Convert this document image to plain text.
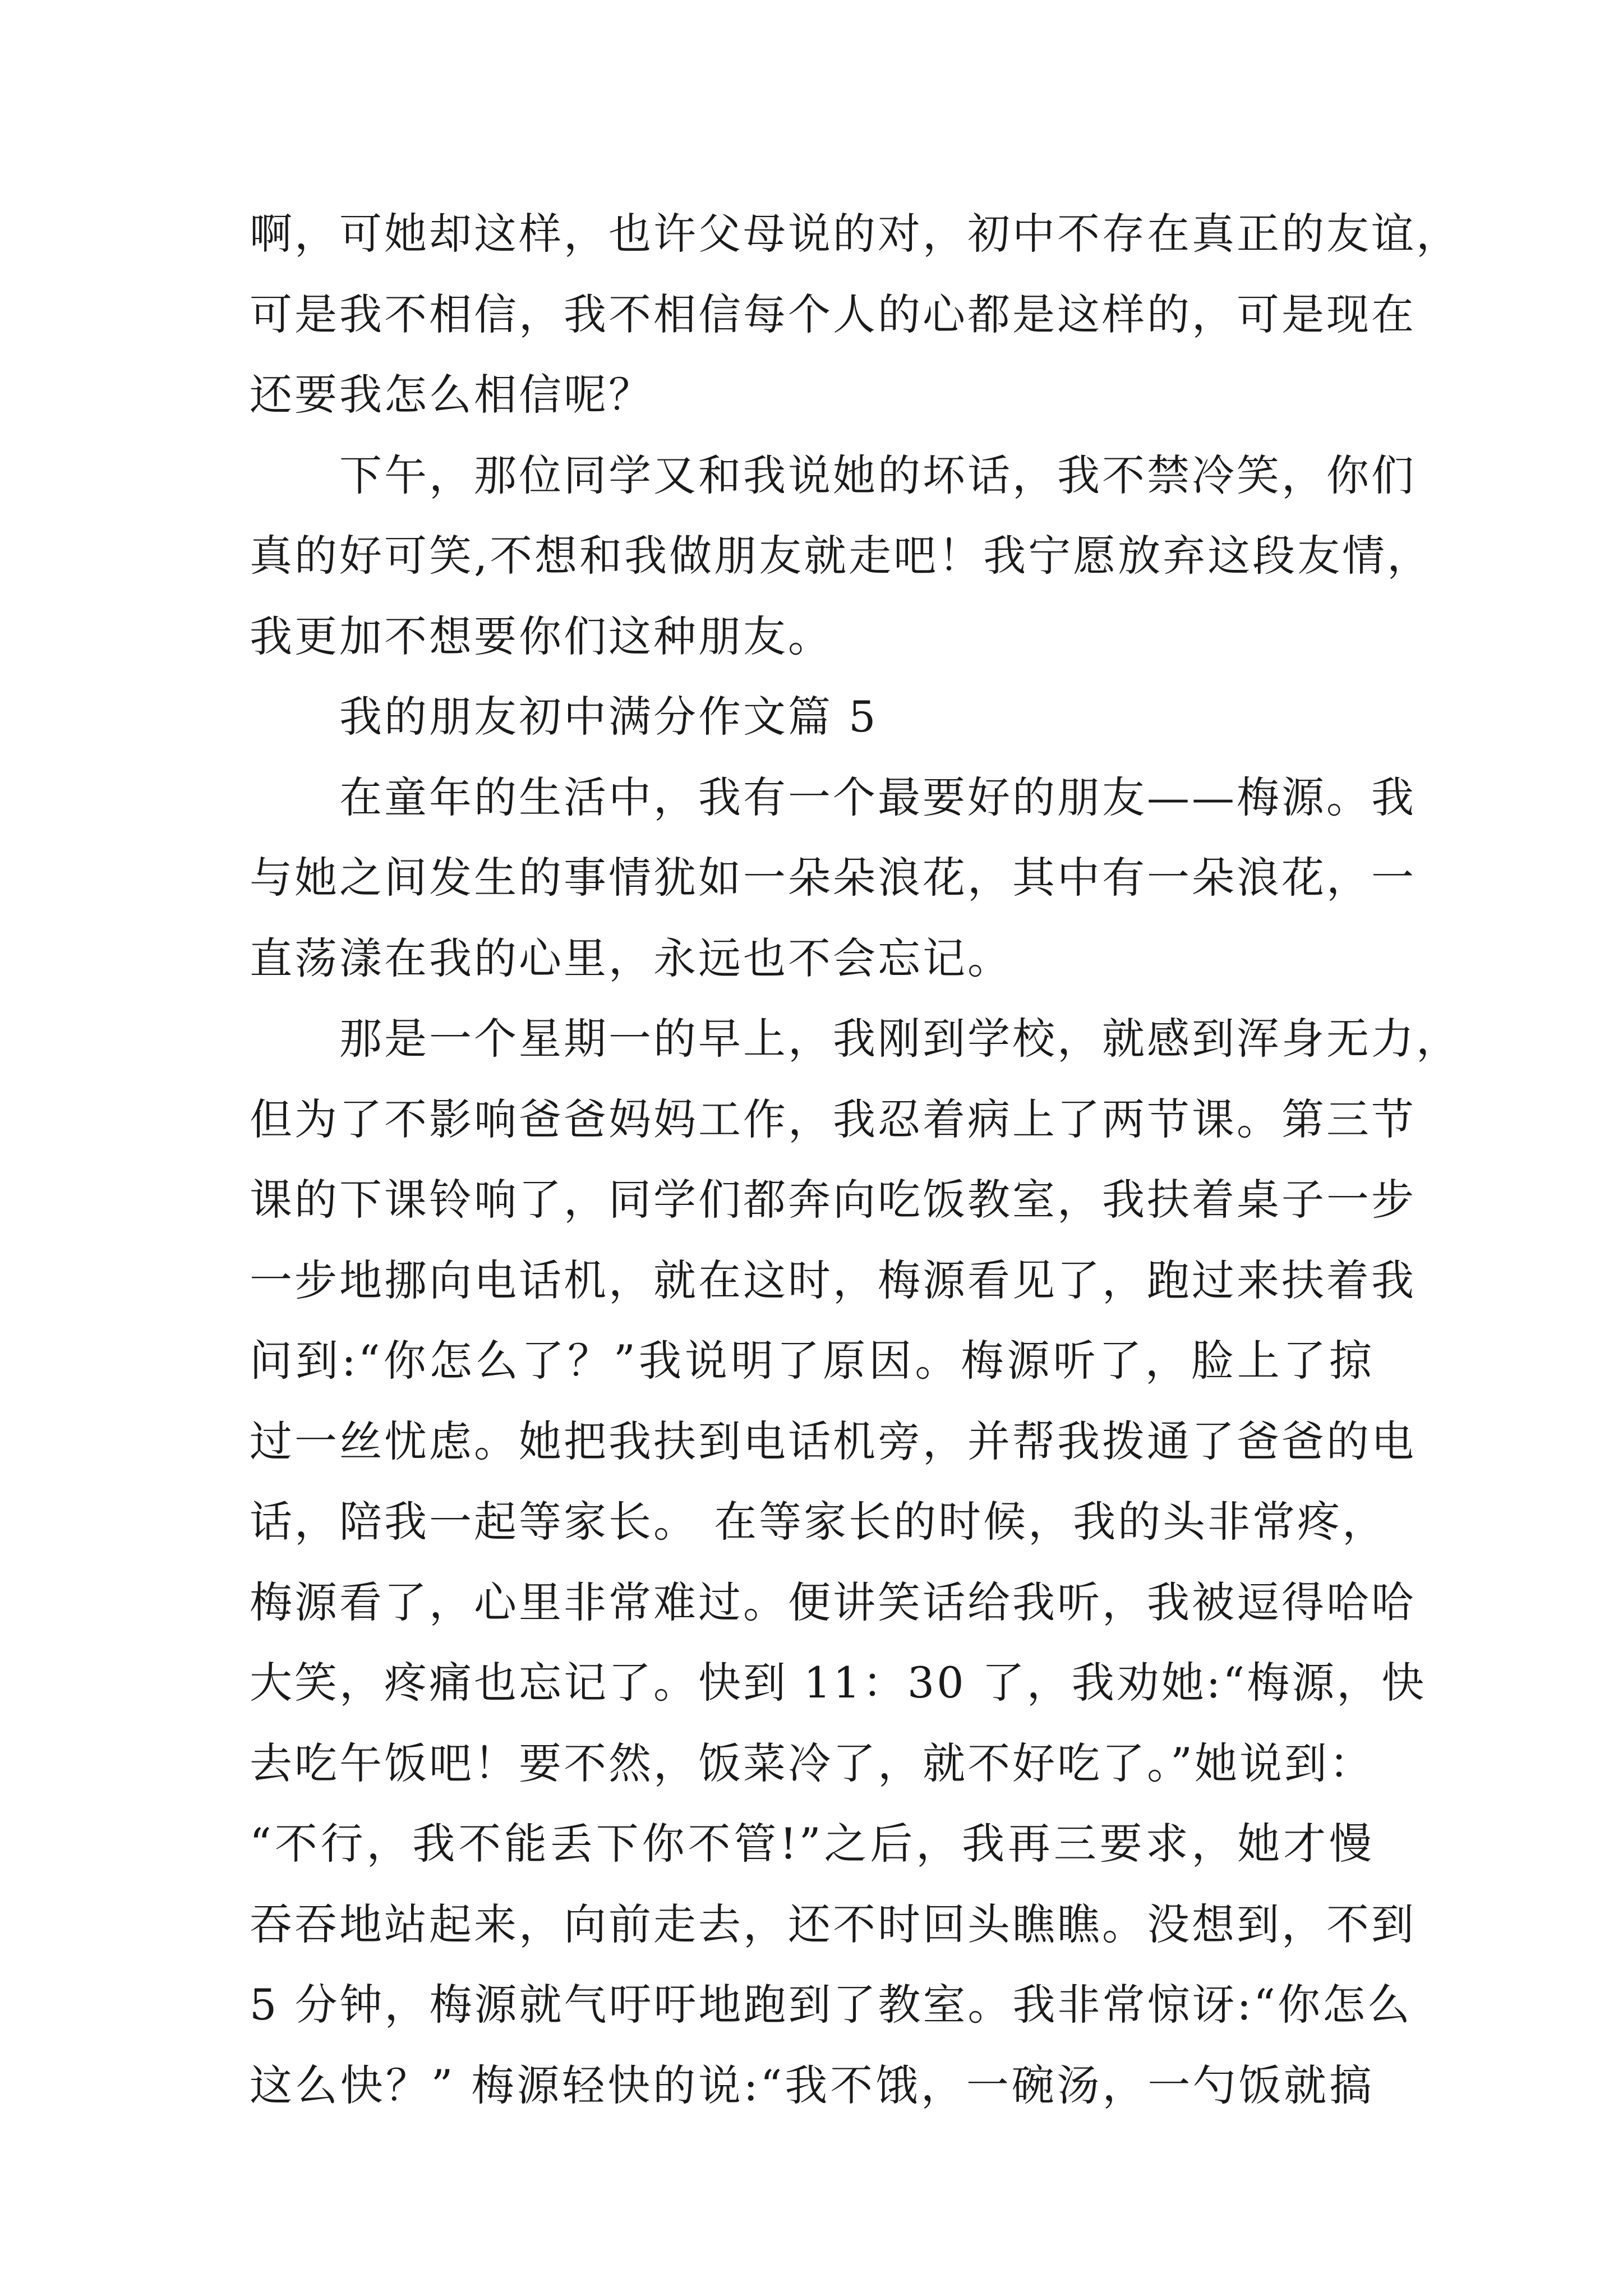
啊，可她却这样，也许父母说的对，初中不存在真正的友谊，
可是我不相信，我不相信每个人的心都是这样的，可是现在
还要我怎么相信呢？
下午，那位同学又和我说她的坏话，我不禁冷笑，你们
真的好可笑,不想和我做朋友就走吧！我宁愿放弃这段友情，
我更加不想要你们这种朋友。
我的朋友初中满分作文篇 5
在童年的生活中，我有一个最要好的朋友——梅源。我
与她之间发生的事情犹如一朵朵浪花，其中有一朵浪花，一
直荡漾在我的心里，永远也不会忘记。
那是一个星期一的早上，我刚到学校，就感到浑身无力，
但为了不影响爸爸妈妈工作，我忍着病上了两节课。第三节
课的下课铃响了，同学们都奔向吃饭教室，我扶着桌子一步
一步地挪向电话机，就在这时，梅源看见了，跑过来扶着我
问到:“你怎么了？”我说明了原因。梅源听了，脸上了掠
过一丝忧虑。她把我扶到电话机旁，并帮我拨通了爸爸的电
话，陪我一起等家长。 在等家长的时候，我的头非常疼，
梅源看了，心里非常难过。便讲笑话给我听，我被逗得哈哈
大笑，疼痛也忘记了。快到 11：30 了，我劝她:“梅源，快
去吃午饭吧！要不然，饭菜冷了，就不好吃了。”她说到：
“不行，我不能丢下你不管!”之后，我再三要求，她才慢
吞吞地站起来，向前走去，还不时回头瞧瞧。没想到，不到
5 分钟，梅源就气吁吁地跑到了教室。我非常惊讶:“你怎么
这么快？” 梅源轻快的说:“我不饿，一碗汤，一勺饭就搞
